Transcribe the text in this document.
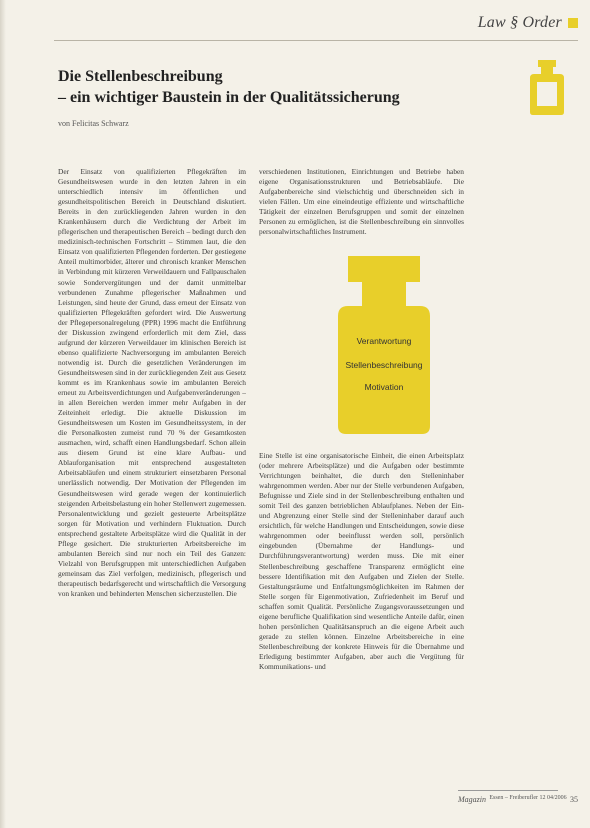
Law § Order
Die Stellenbeschreibung
– ein wichtiger Baustein in der Qualitätssicherung
von Felicitas Schwarz

Der Einsatz von qualifizierten Pflegekräften im Gesundheitswesen wurde in den letzten Jahren in ein unterschiedlich intensiv im öffentlichen und gesundheitspolitischen Bereich in Deutschland diskutiert. Bereits in den zurückliegenden Jahren wurden in den Krankenhäusern durch die Verdichtung der Arbeit im pflegerischen und therapeutischen Bereich – bedingt durch den medizinisch-technischen Fortschritt – Stimmen laut, die den Einsatz von qualifizierten Pflegenden forderten. Der gestiegene Anteil multimorbider, älterer und chronisch kranker Menschen in Verbindung mit kürzeren Verweildauern und Fallpauschalen sowie Sondervergütungen und der damit unmittelbar verbundenen Zunahme pflegerischer Maßnahmen und Leistungen, sind heute der Grund, dass erneut der Einsatz von qualifizierten Pflegekräften gefordert wird. Die Auswertung der Pflegepersonalregelung (PPR) 1996 macht die Entführung der Diskussion zwingend erforderlich mit dem Ziel, dass aufgrund der kürzeren Verweildauer im klinischen Bereich ist ebenso qualifizierte Nachversorgung im ambulanten Bereich notwendig ist. Durch die gesetzlichen Veränderungen im Gesundheitswesen sind in der zurückliegenden Zeit aus Gesetz kommt es im Krankenhaus sowie im ambulanten Bereich erneut zu Arbeitsverdichtungen und Aufgabenveränderungen – in allen Bereichen werden immer mehr Aufgaben in der Zeiteinheit erledigt. Die aktuelle Diskussion im Gesundheitswesen um Kosten im Gesundheitssystem, in der die Personalkosten zumeist rund 70 % der Gesamtkosten ausmachen, wird, schafft einen Handlungsbedarf. Schon allein aus diesem Grund ist eine klare Aufbau- und Ablauforganisation mit entsprechend ausgestalteten Arbeitsabläufen und einem strukturiert einsetzbaren Personal unerlässlich notwendig. Der Motivation der Pflegenden im Gesundheitswesen wird gerade wegen der kontinuierlich steigenden Arbeitsbelastung ein hoher Stellenwert zugemessen. Personalentwicklung und gezielt gesteuerte Arbeitsplätze sorgen für Motivation und verhindern Fluktuation. Durch entsprechend gestaltete Arbeitsplätze wird die Qualität in der Pflege gesichert. Die strukturierten Arbeitsbereiche im ambulanten Bereich sind nur noch ein Teil des Ganzen: Vielzahl von Berufsgruppen mit unterschiedlichen Aufgaben gemeinsam das Ziel verfolgen, medizinisch, pflegerisch und therapeutisch bedarfsgerecht und wirtschaftlich die Versorgung von kranken und behinderten Menschen sicherzustellen. Die

verschiedenen Institutionen, Einrichtungen und Betriebe haben eigene Organisationsstrukturen und Betriebsabläufe. Die Aufgabenbereiche sind vielschichtig und überschneiden sich in vielen Fällen. Um eine eineindeutige effiziente und wirtschaftliche Tätigkeit der einzelnen Berufsgruppen und somit der einzelnen Personen zu ermöglichen, ist die Stellenbeschreibung ein sinnvolles personalwirtschaftliches Instrument.

Verantwortung
Stellenbeschreibung
Motivation

Eine Stelle ist eine organisatorische Einheit, die einen Arbeitsplatz (oder mehrere Arbeitsplätze) und die Aufgaben oder bestimmte Verrichtungen beinhaltet, die durch den Stelleninhaber wahrgenommen werden. Aber nur der Stelle verbundenen Aufgaben, Befugnisse und Ziele sind in der Stellenbeschreibung enthalten und somit Teil des ganzen betrieblichen Ablaufplanes. Neben der Ein- und Abgrenzung einer Stelle sind der Stelleninhaber darauf auch ersichtlich, für welche Handlungen und Entscheidungen, sowie diese wahrgenommen oder beeinflusst werden soll, persönlich eingebunden (Übernahme der Handlungs- und Durchführungsverantwortung) werden muss. Die mit einer Stellenbeschreibung geschaffene Transparenz ermöglicht eine bessere Identifikation mit den Aufgaben und Zielen der Stelle. Gestaltungsräume und Entfaltungsmöglichkeiten im Rahmen der Stelle sorgen für Eigenmotivation, Zufriedenheit im Beruf und schaffen somit Qualität. Persönliche Zugangsvoraussetzungen und eigene berufliche Qualifikation sind wesentliche Anteile dafür, einen hohen persönlichen Qualitätsanspruch an die eigene Arbeit auch gerade zu stellen können. Einzelne Arbeitsbereiche in eine Stellenbeschreibung der konkrete Hinweis für die Übernahme und Erledigung bestimmter Aufgaben, aber auch die Vergütung für Kommunikations- und

Magazin Essen – Freiberufler 12 04/2006 35
